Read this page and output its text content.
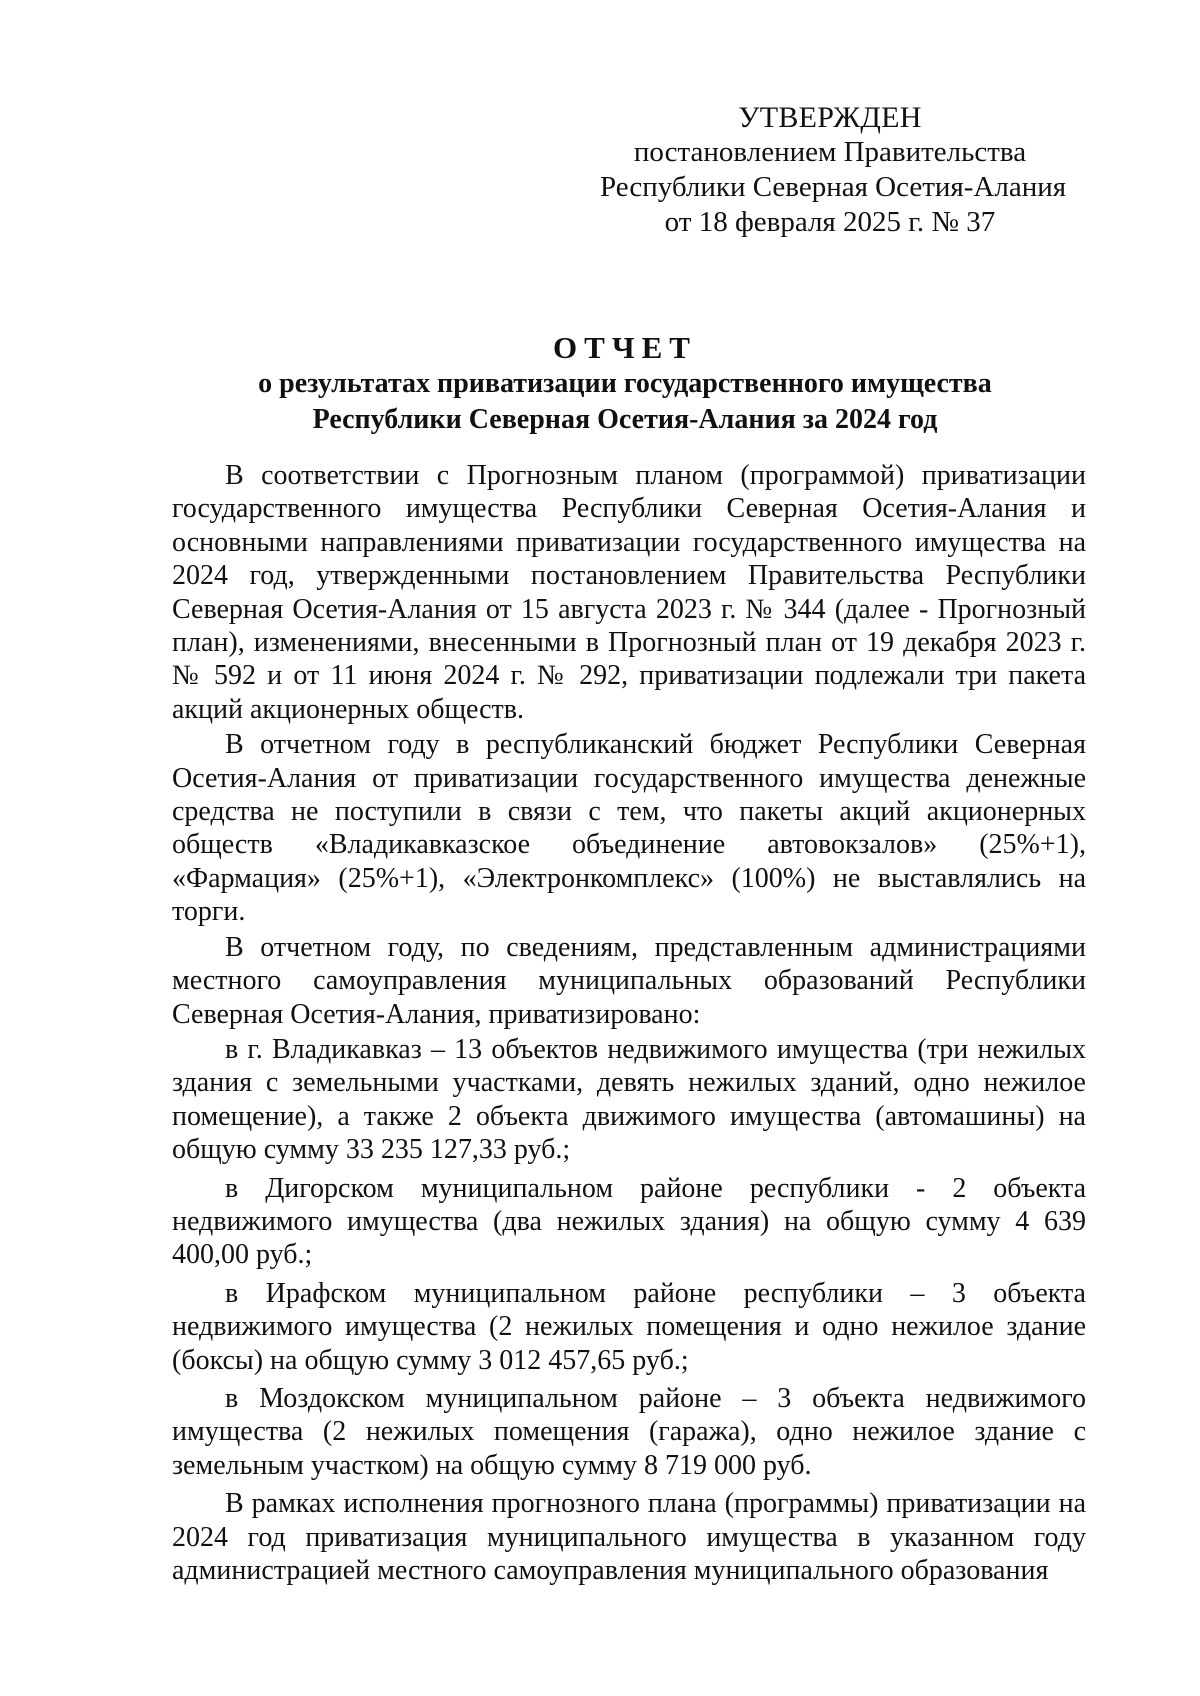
УТВЕРЖДЕН
постановлением Правительства
Республики Северная Осетия-Алания
от 18 февраля 2025 г. № 37
ОТЧЕТ
о результатах приватизации государственного имущества
Республики Северная Осетия-Алания за 2024 год

В соответствии с Прогнозным планом (программой) приватизации государственного имущества Республики Северная Осетия-Алания и основными направлениями приватизации государственного имущества на 2024 год, утвержденными постановлением Правительства Республики Северная Осетия-Алания от 15 августа 2023 г. № 344 (далее - Прогнозный план), изменениями, внесенными в Прогнозный план от 19 декабря 2023 г. № 592 и от 11 июня 2024 г. № 292, приватизации подлежали три пакета акций акционерных обществ.

В отчетном году в республиканский бюджет Республики Северная Осетия-Алания от приватизации государственного имущества денежные средства не поступили в связи с тем, что пакеты акций акционерных обществ «Владикавказское объединение автовокзалов» (25%+1), «Фармация» (25%+1), «Электронкомплекс» (100%) не выставлялись на торги.

В отчетном году, по сведениям, представленным администрациями местного самоуправления муниципальных образований Республики Северная Осетия-Алания, приватизировано:

в г. Владикавказ – 13 объектов недвижимого имущества (три нежилых здания с земельными участками, девять нежилых зданий, одно нежилое помещение), а также 2 объекта движимого имущества (автомашины) на общую сумму 33 235 127,33 руб.;

в Дигорском муниципальном районе республики - 2 объекта недвижимого имущества (два нежилых здания) на общую сумму 4 639 400,00 руб.;

в Ирафском муниципальном районе республики – 3 объекта недвижимого имущества (2 нежилых помещения и одно нежилое здание (боксы) на общую сумму 3 012 457,65 руб.;

в Моздокском муниципальном районе – 3 объекта недвижимого имущества (2 нежилых помещения (гаража), одно нежилое здание с земельным участком) на общую сумму 8 719 000 руб.

В рамках исполнения прогнозного плана (программы) приватизации на 2024 год приватизация муниципального имущества в указанном году администрацией местного самоуправления муниципального образования
